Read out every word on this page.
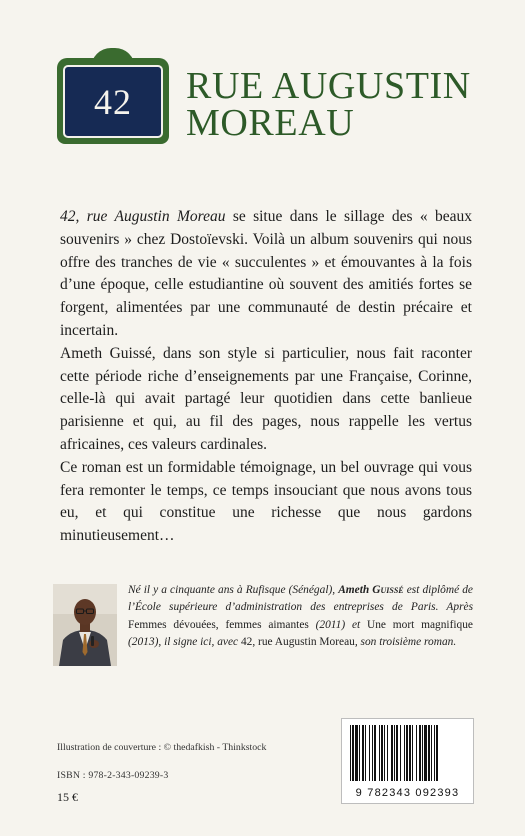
42 RUE AUGUSTIN
MOREAU

42, rue Augustin Moreau se situe dans le sillage des « beaux souvenirs » chez Dostoïevski. Voilà un album souvenirs qui nous offre des tranches de vie « succulentes » et émouvantes à la fois d’une époque, celle estudiantine où souvent des amitiés fortes se forgent, alimentées par une communauté de destin précaire et incertain.

Ameth Guissé, dans son style si particulier, nous fait raconter cette période riche d’enseignements par une Française, Corinne, celle-là qui avait partagé leur quotidien dans cette banlieue parisienne et qui, au fil des pages, nous rappelle les vertus africaines, ces valeurs cardinales.

Ce roman est un formidable témoignage, un bel ouvrage qui vous fera remonter le temps, ce temps insouciant que nous avons tous eu, et qui constitue une richesse que nous gardons minutieusement…

Né il y a cinquante ans à Rufisque (Sénégal), Ameth Guissé est diplômé de l’École supérieure d’administration des entreprises de Paris. Après Femmes dévouées, femmes aimantes (2011) et Une mort magnifique (2013), il signe ici, avec 42, rue Augustin Moreau, son troisième roman.

Illustration de couverture : © thedafkish - Thinkstock
ISBN : 978-2-343-09239-3
15 €	9 782343 092393
